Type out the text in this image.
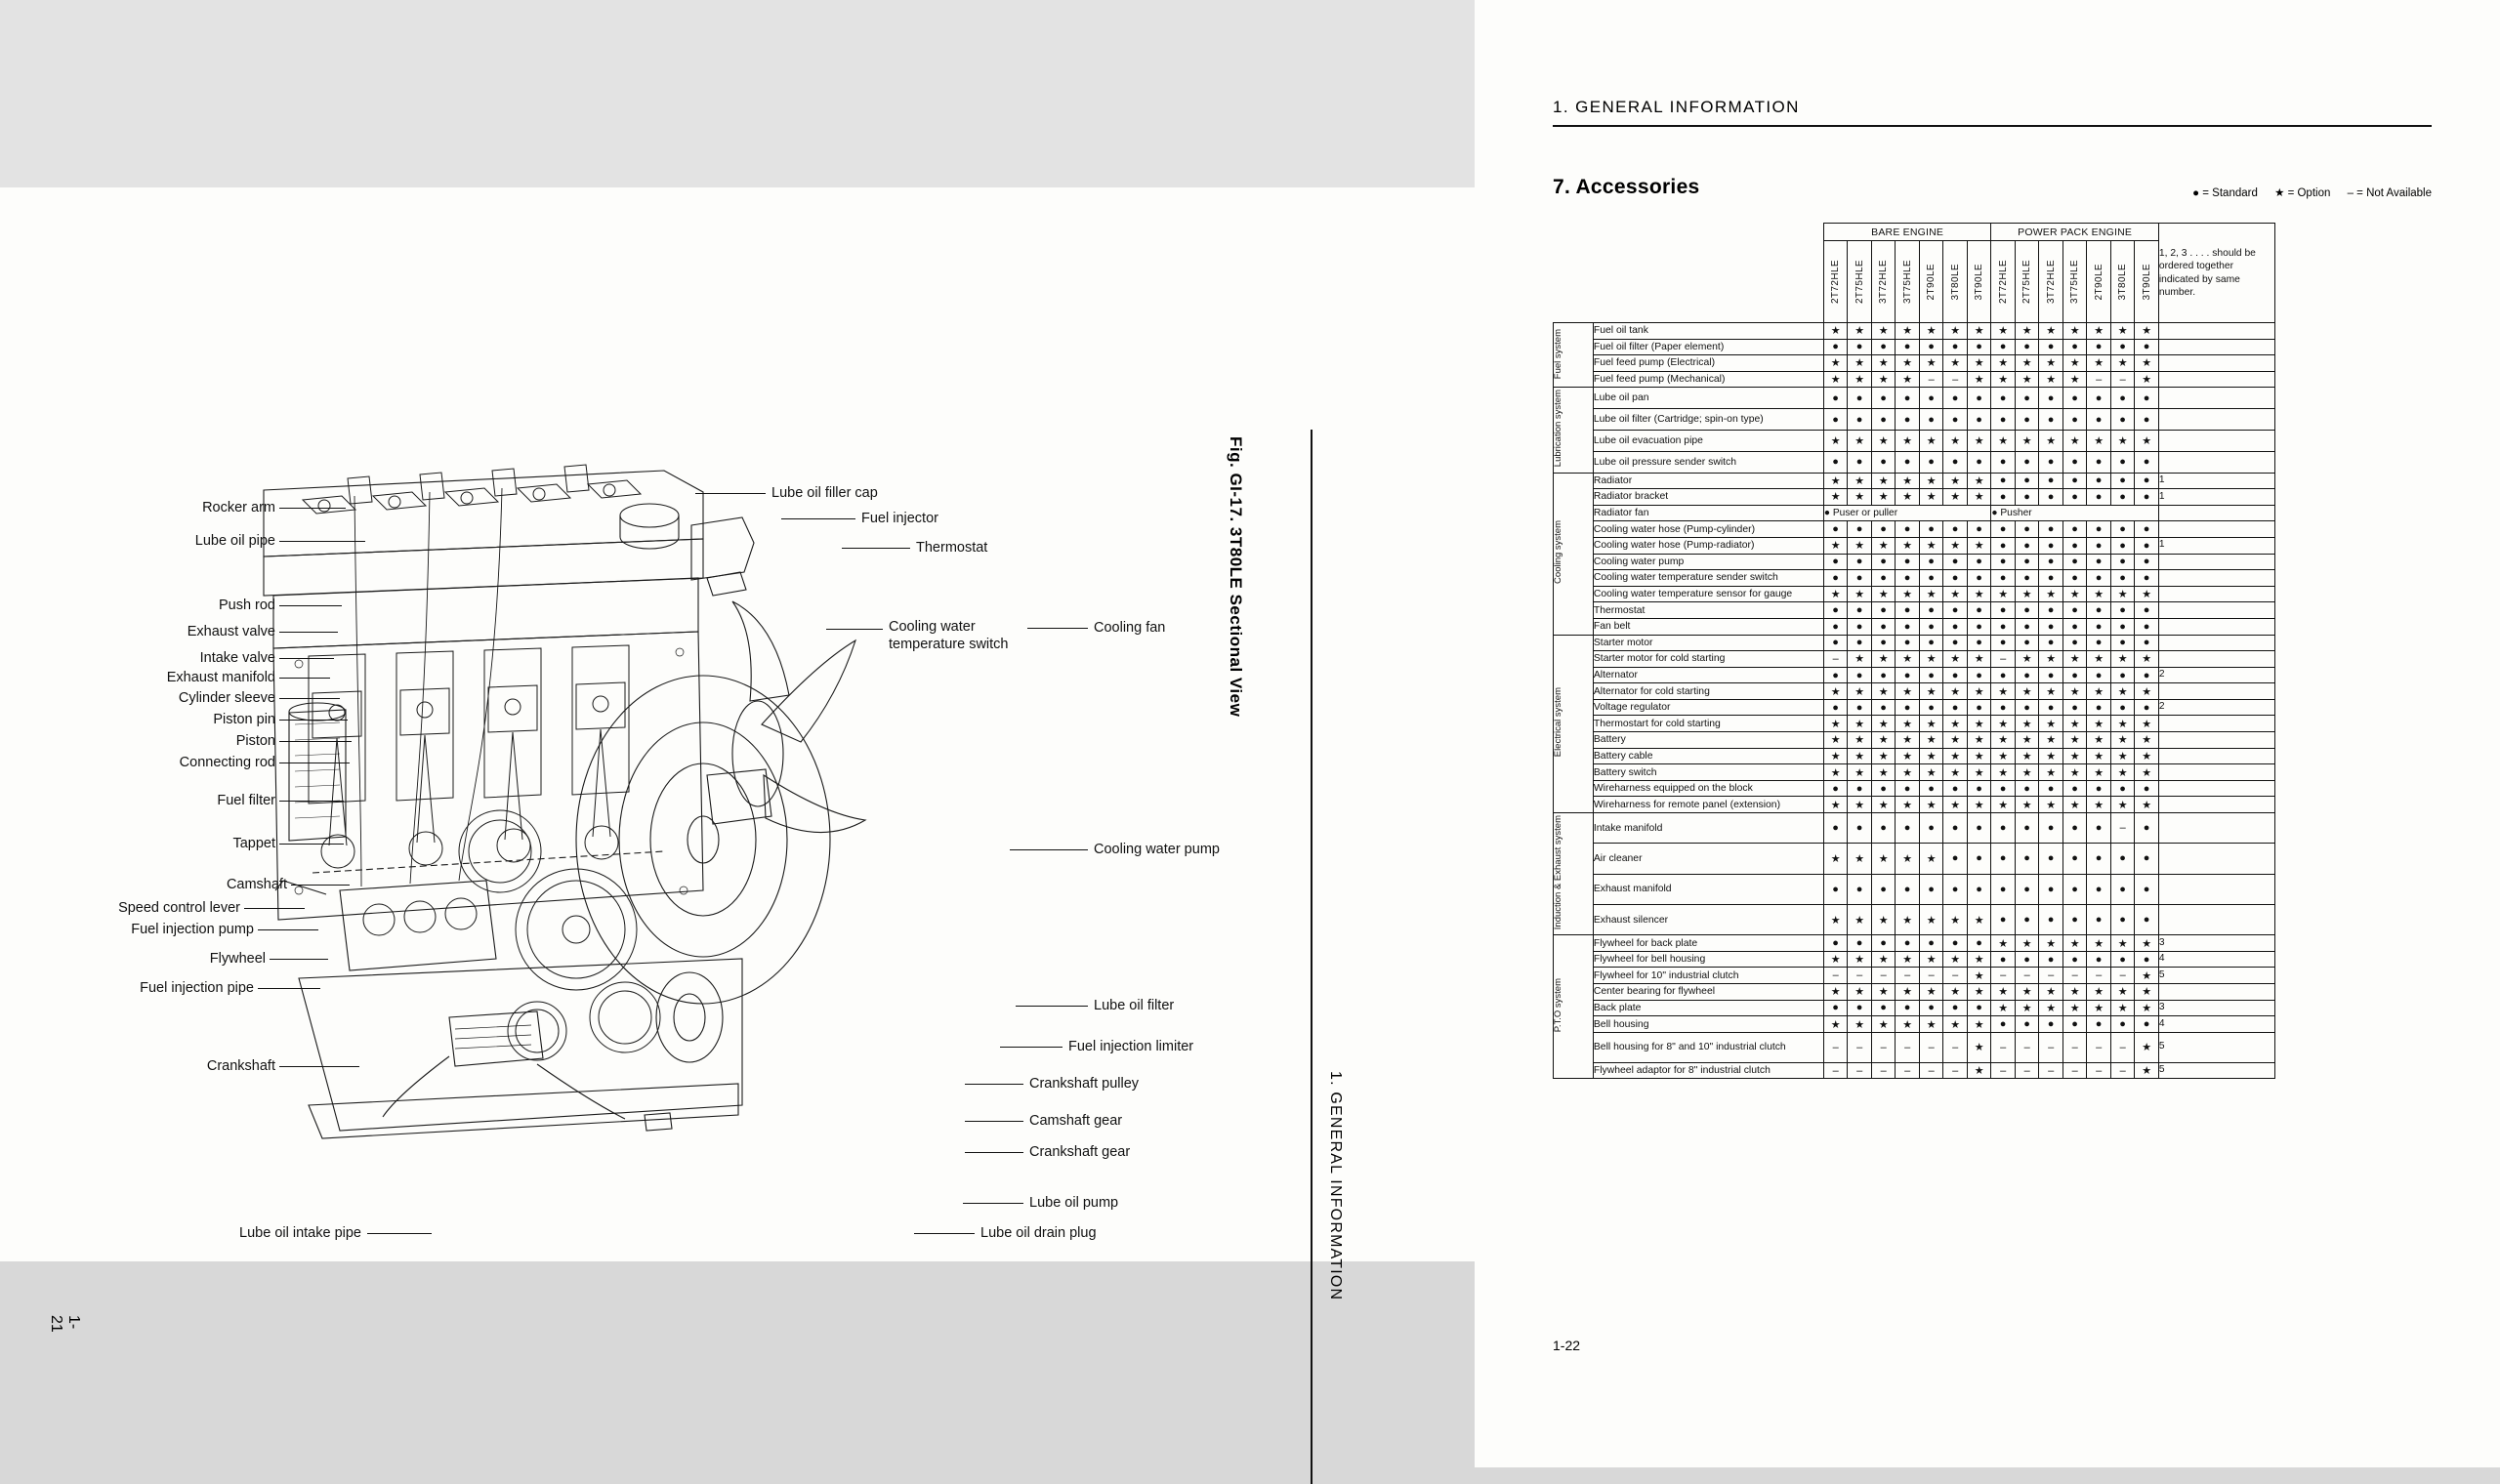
Fig. GI-17. 3T80LE Sectional View
1. GENERAL INFORMATION
1-21
Rocker arm
Lube oil pipe
Push rod
Exhaust valve
Intake valve
Exhaust manifold
Cylinder sleeve
Piston pin
Piston
Connecting rod
Fuel filter
Tappet
Camshaft
Speed control lever
Fuel injection pump
Flywheel
Fuel injection pipe
Crankshaft
Lube oil intake pipe
Lube oil filler cap
Fuel injector
Thermostat
Cooling water temperature switch
Cooling fan
Cooling water pump
Lube oil filter
Fuel injection limiter
Crankshaft pulley
Camshaft gear
Crankshaft gear
Lube oil pump
Lube oil drain plug
1. GENERAL INFORMATION
7. Accessories	● = Standard ★ = Option – = Not Available
		BARE ENGINE							POWER PACK ENGINE							1, 2, 3 . . . . should be ordered together indicated by same number.

		2T72HLE	2T75HLE	3T72HLE	3T75HLE	2T90LE	3T80LE	3T90LE	2T72HLE	2T75HLE	3T72HLE	3T75HLE	2T90LE	3T80LE	3T90LE	

Fuel system	Fuel oil tank	★	★	★	★	★	★	★	★	★	★	★	★	★	★	
	Fuel oil filter (Paper element)	●	●	●	●	●	●	●	●	●	●	●	●	●	●	
	Fuel feed pump (Electrical)	★	★	★	★	★	★	★	★	★	★	★	★	★	★	
	Fuel feed pump (Mechanical)	★	★	★	★	–	–	★	★	★	★	★	–	–	★	
Lubrication system	Lube oil pan	●	●	●	●	●	●	●	●	●	●	●	●	●	●	
	Lube oil filter (Cartridge; spin-on type)	●	●	●	●	●	●	●	●	●	●	●	●	●	●	
	Lube oil evacuation pipe	★	★	★	★	★	★	★	★	★	★	★	★	★	★	
	Lube oil pressure sender switch	●	●	●	●	●	●	●	●	●	●	●	●	●	●	
Cooling system	Radiator	★	★	★	★	★	★	★	●	●	●	●	●	●	●	1
	Radiator bracket	★	★	★	★	★	★	★	●	●	●	●	●	●	●	1
	Radiator fan	● Puser or puller							● Pusher							
	Cooling water hose (Pump-cylinder)	●	●	●	●	●	●	●	●	●	●	●	●	●	●	
	Cooling water hose (Pump-radiator)	★	★	★	★	★	★	★	●	●	●	●	●	●	●	1
	Cooling water pump	●	●	●	●	●	●	●	●	●	●	●	●	●	●	
	Cooling water temperature sender switch	●	●	●	●	●	●	●	●	●	●	●	●	●	●	
	Cooling water temperature sensor for gauge	★	★	★	★	★	★	★	★	★	★	★	★	★	★	
	Thermostat	●	●	●	●	●	●	●	●	●	●	●	●	●	●	
	Fan belt	●	●	●	●	●	●	●	●	●	●	●	●	●	●	
Electrical system	Starter motor	●	●	●	●	●	●	●	●	●	●	●	●	●	●	
	Starter motor for cold starting	–	★	★	★	★	★	★	–	★	★	★	★	★	★	
	Alternator	●	●	●	●	●	●	●	●	●	●	●	●	●	●	2
	Alternator for cold starting	★	★	★	★	★	★	★	★	★	★	★	★	★	★	
	Voltage regulator	●	●	●	●	●	●	●	●	●	●	●	●	●	●	2
	Thermostart for cold starting	★	★	★	★	★	★	★	★	★	★	★	★	★	★	
	Battery	★	★	★	★	★	★	★	★	★	★	★	★	★	★	
	Battery cable	★	★	★	★	★	★	★	★	★	★	★	★	★	★	
	Battery switch	★	★	★	★	★	★	★	★	★	★	★	★	★	★	
	Wireharness equipped on the block	●	●	●	●	●	●	●	●	●	●	●	●	●	●	
	Wireharness for remote panel (extension)	★	★	★	★	★	★	★	★	★	★	★	★	★	★	
Induction & Exhaust system	Intake manifold	●	●	●	●	●	●	●	●	●	●	●	●	–	●	
	Air cleaner	★	★	★	★	★	●	●	●	●	●	●	●	●	●	
	Exhaust manifold	●	●	●	●	●	●	●	●	●	●	●	●	●	●	
	Exhaust silencer	★	★	★	★	★	★	★	●	●	●	●	●	●	●	
P.T.O system	Flywheel for back plate	●	●	●	●	●	●	●	★	★	★	★	★	★	★	3
	Flywheel for bell housing	★	★	★	★	★	★	★	●	●	●	●	●	●	●	4
	Flywheel for 10" industrial clutch	–	–	–	–	–	–	★	–	–	–	–	–	–	★	5
	Center bearing for flywheel	★	★	★	★	★	★	★	★	★	★	★	★	★	★	
	Back plate	●	●	●	●	●	●	●	★	★	★	★	★	★	★	3
	Bell housing	★	★	★	★	★	★	★	●	●	●	●	●	●	●	4
	Bell housing for 8" and 10" industrial clutch	–	–	–	–	–	–	★	–	–	–	–	–	–	★	5
	Flywheel adaptor for 8" industrial clutch	–	–	–	–	–	–	★	–	–	–	–	–	–	★	5
1-22
